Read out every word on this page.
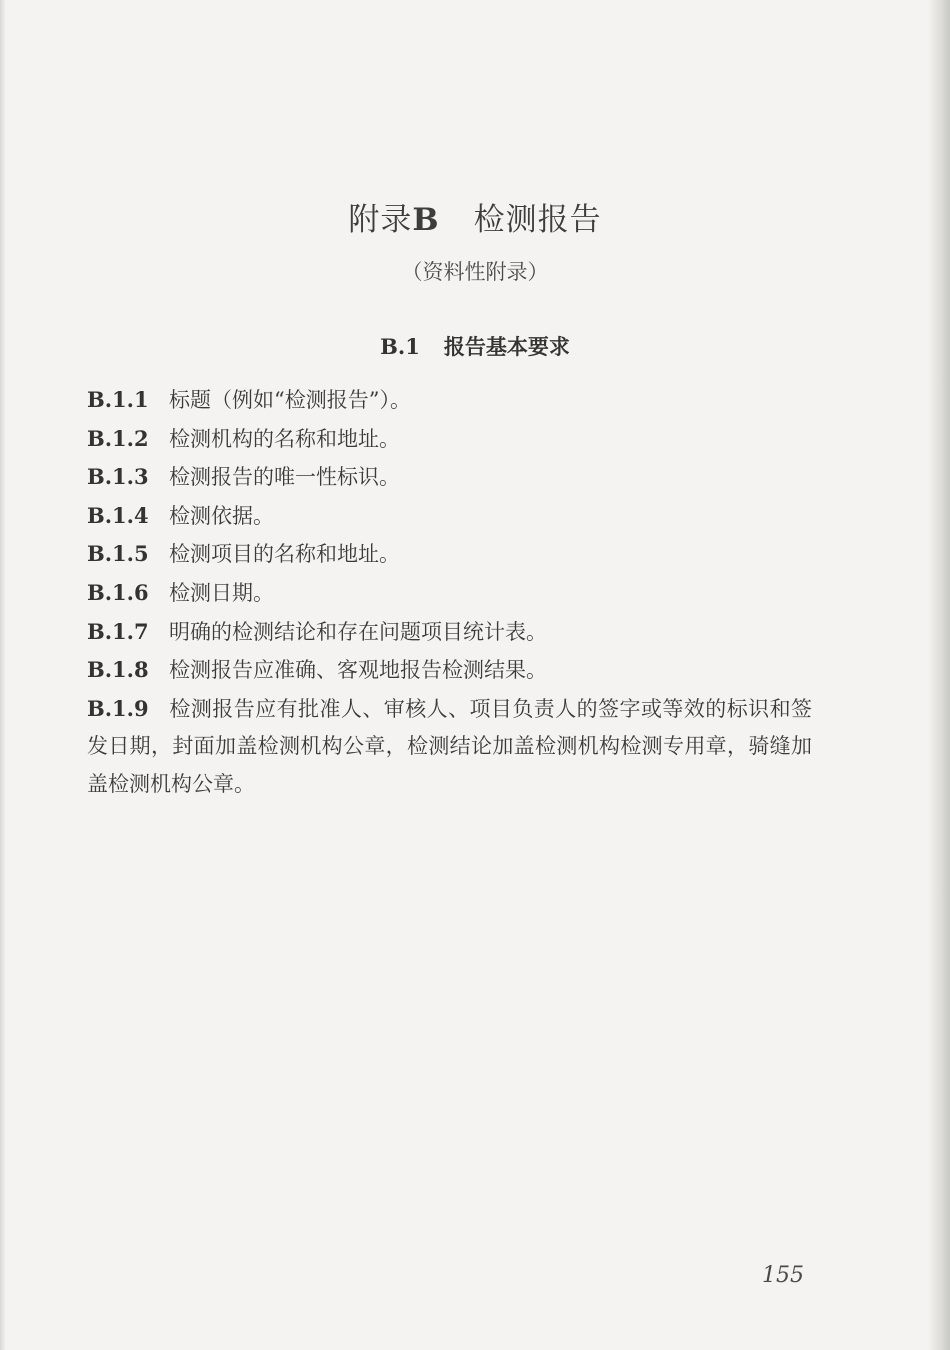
附录B 检测报告
（资料性附录）
B.1 报告基本要求

B.1.1 标题（例如“检测报告”）。

B.1.2 检测机构的名称和地址。

B.1.3 检测报告的唯一性标识。

B.1.4 检测依据。

B.1.5 检测项目的名称和地址。

B.1.6 检测日期。

B.1.7 明确的检测结论和存在问题项目统计表。

B.1.8 检测报告应准确、客观地报告检测结果。

B.1.9 检测报告应有批准人、审核人、项目负责人的签字或等效的标识和签发日期，封面加盖检测机构公章，检测结论加盖检测机构检测专用章，骑缝加盖检测机构公章。

155
